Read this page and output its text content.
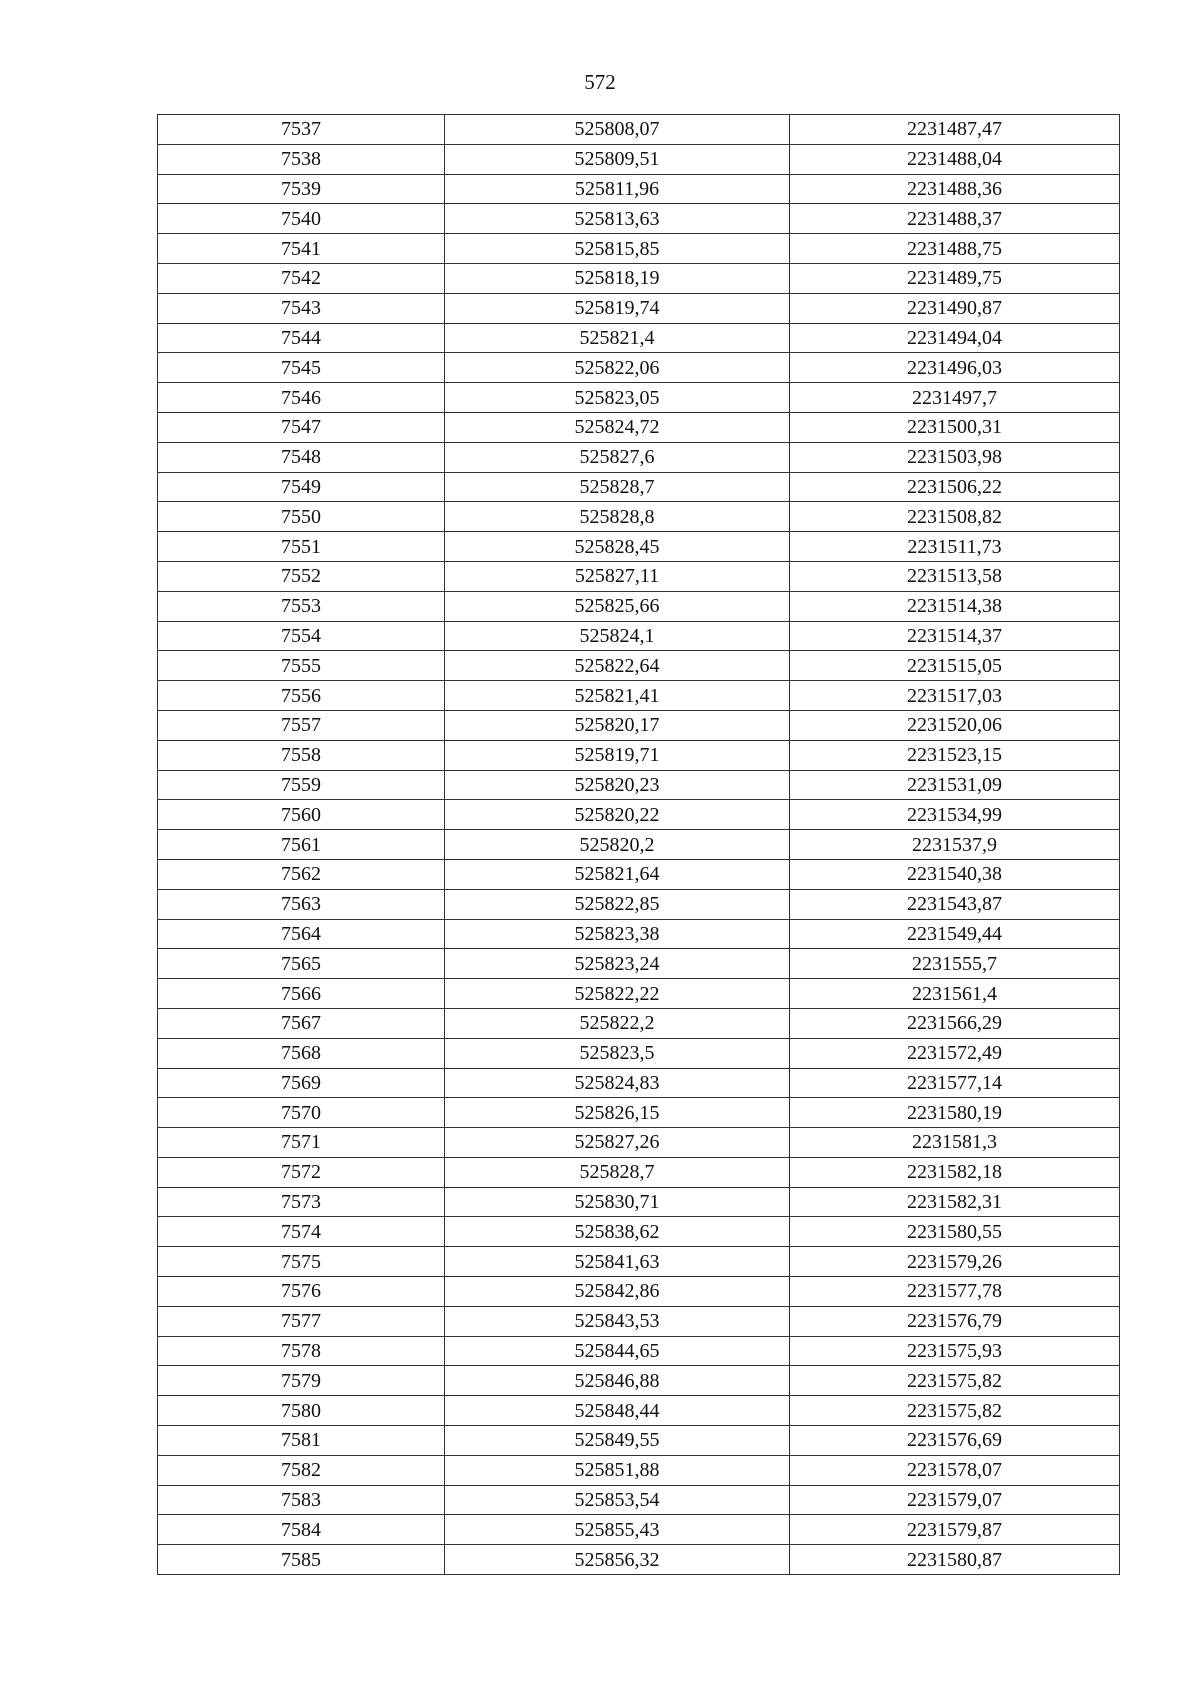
572
7537	525808,07	2231487,47
7538	525809,51	2231488,04
7539	525811,96	2231488,36
7540	525813,63	2231488,37
7541	525815,85	2231488,75
7542	525818,19	2231489,75
7543	525819,74	2231490,87
7544	525821,4	2231494,04
7545	525822,06	2231496,03
7546	525823,05	2231497,7
7547	525824,72	2231500,31
7548	525827,6	2231503,98
7549	525828,7	2231506,22
7550	525828,8	2231508,82
7551	525828,45	2231511,73
7552	525827,11	2231513,58
7553	525825,66	2231514,38
7554	525824,1	2231514,37
7555	525822,64	2231515,05
7556	525821,41	2231517,03
7557	525820,17	2231520,06
7558	525819,71	2231523,15
7559	525820,23	2231531,09
7560	525820,22	2231534,99
7561	525820,2	2231537,9
7562	525821,64	2231540,38
7563	525822,85	2231543,87
7564	525823,38	2231549,44
7565	525823,24	2231555,7
7566	525822,22	2231561,4
7567	525822,2	2231566,29
7568	525823,5	2231572,49
7569	525824,83	2231577,14
7570	525826,15	2231580,19
7571	525827,26	2231581,3
7572	525828,7	2231582,18
7573	525830,71	2231582,31
7574	525838,62	2231580,55
7575	525841,63	2231579,26
7576	525842,86	2231577,78
7577	525843,53	2231576,79
7578	525844,65	2231575,93
7579	525846,88	2231575,82
7580	525848,44	2231575,82
7581	525849,55	2231576,69
7582	525851,88	2231578,07
7583	525853,54	2231579,07
7584	525855,43	2231579,87
7585	525856,32	2231580,87
